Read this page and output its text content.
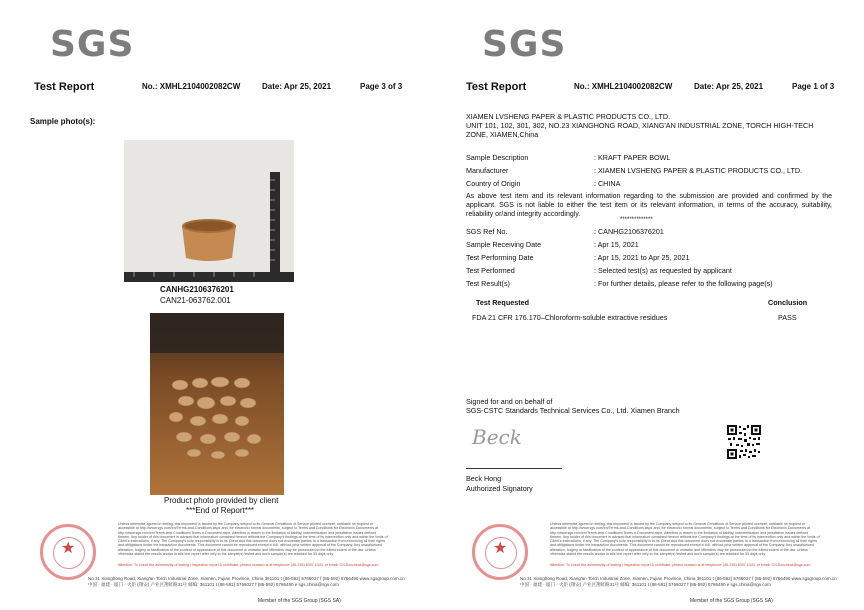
SGS
Test Report	No.: XMHL2104002082CW	Date: Apr 25, 2021	Page 3 of 3
Sample photo(s):
CANHG2106376201
CAN21-063762.001
Product photo provided by client
***End of Report***
★
Unless otherwise agreed in writing, this document is issued by the Company subject to its General Conditions of Service printed overleaf, available on request or accessible at http://www.sgs.com/en/Terms-and-Conditions.aspx and, for electronic format documents, subject to Terms and Conditions for Electronic Documents at http://www.sgs.com/en/Terms-and-Conditions/Terms-e-Document.aspx. Attention is drawn to the limitation of liability, indemnification and jurisdiction issues defined therein. Any holder of this document is advised that information contained hereon reflects the Company's findings at the time of its intervention only and within the limits of Client's instructions, if any. The Company's sole responsibility is to its Client and this document does not exonerate parties to a transaction from exercising all their rights and obligations under the transaction documents. This document cannot be reproduced except in full, without prior written approval of the Company. Any unauthorized alteration, forgery or falsification of the content or appearance of this document is unlawful and offenders may be prosecuted to the fullest extent of the law. Unless otherwise stated the results shown in this test report refer only to the sample(s) tested and such sample(s) are retained for 30 days only.
Attention: To check the authenticity of testing / inspection report & certificate, please contact us at telephone: (86-755) 8307 1443, or email: CN.Doccheck@sgs.com
No.31 Xianghong Road, Xiang'an Torch Industrial Zone, Xiamen, Fujian Province, China 361101 t (86-592) 5766027 f (86-592) 5766490 www.sgsgroup.com.cn
中国 · 福建 · 厦门 · 火炬 (翔安) 产业区翔虹路31号 邮编: 361101 t (86-592) 5766027 f (86-592) 5766490 e sgs.china@sgs.com
Member of the SGS Group (SGS SA)
SGS
Test Report	No.: XMHL2104002082CW	Date: Apr 25, 2021	Page 1 of 3
XIAMEN LVSHENG PAPER & PLASTIC PRODUCTS CO., LTD.
UNIT 101, 102, 301, 302, NO.23 XIANGHONG ROAD, XIANG'AN INDUSTRIAL ZONE, TORCH HIGH-TECH
ZONE, XIAMEN,China
Sample Description	: KRAFT PAPER BOWL
Manufacturer	: XIAMEN LVSHENG PAPER & PLASTIC PRODUCTS CO., LTD.
Country of Origin	: CHINA
As above test item and its relevant information regarding to the submission are provided and confirmed by the applicant. SGS is not liable to either the test item or its relevant information, in terms of the accuracy, suitability, reliability or/and integrity accordingly.
**************
SGS Ref No.	: CANHG2106376201
Sample Receiving Date	: Apr 15, 2021
Test Performing Date	: Apr 15, 2021 to Apr 25, 2021
Test Performed	: Selected test(s) as requested by applicant
Test Result(s)	: For further details, please refer to the following page(s)
Test Requested	Conclusion
FDA 21 CFR 176.170–Chloroform-soluble extractive residues	PASS
Signed for and on behalf of
SGS-CSTC Standards Technical Services Co., Ltd. Xiamen Branch
Beck
Beck Hong
Authorized Signatory
★
Unless otherwise agreed in writing, this document is issued by the Company subject to its General Conditions of Service printed overleaf, available on request or accessible at http://www.sgs.com/en/Terms-and-Conditions.aspx and, for electronic format documents, subject to Terms and Conditions for Electronic Documents at http://www.sgs.com/en/Terms-and-Conditions/Terms-e-Document.aspx. Attention is drawn to the limitation of liability, indemnification and jurisdiction issues defined therein. Any holder of this document is advised that information contained hereon reflects the Company's findings at the time of its intervention only and within the limits of Client's instructions, if any. The Company's sole responsibility is to its Client and this document does not exonerate parties to a transaction from exercising all their rights and obligations under the transaction documents. This document cannot be reproduced except in full, without prior written approval of the Company. Any unauthorized alteration, forgery or falsification of the content or appearance of this document is unlawful and offenders may be prosecuted to the fullest extent of the law. Unless otherwise stated the results shown in this test report refer only to the sample(s) tested and such sample(s) are retained for 30 days only.
Attention: To check the authenticity of testing / inspection report & certificate, please contact us at telephone: (86-755) 8307 1443, or email: CN.Doccheck@sgs.com
No.31 Xianghong Road, Xiang'an Torch Industrial Zone, Xiamen, Fujian Province, China 361101 t (86-592) 5766027 f (86-592) 5766490 www.sgsgroup.com.cn
中国 · 福建 · 厦门 · 火炬 (翔安) 产业区翔虹路31号 邮编: 361101 t (86-592) 5766027 f (86-592) 5766490 e sgs.china@sgs.com
Member of the SGS Group (SGS SA)
